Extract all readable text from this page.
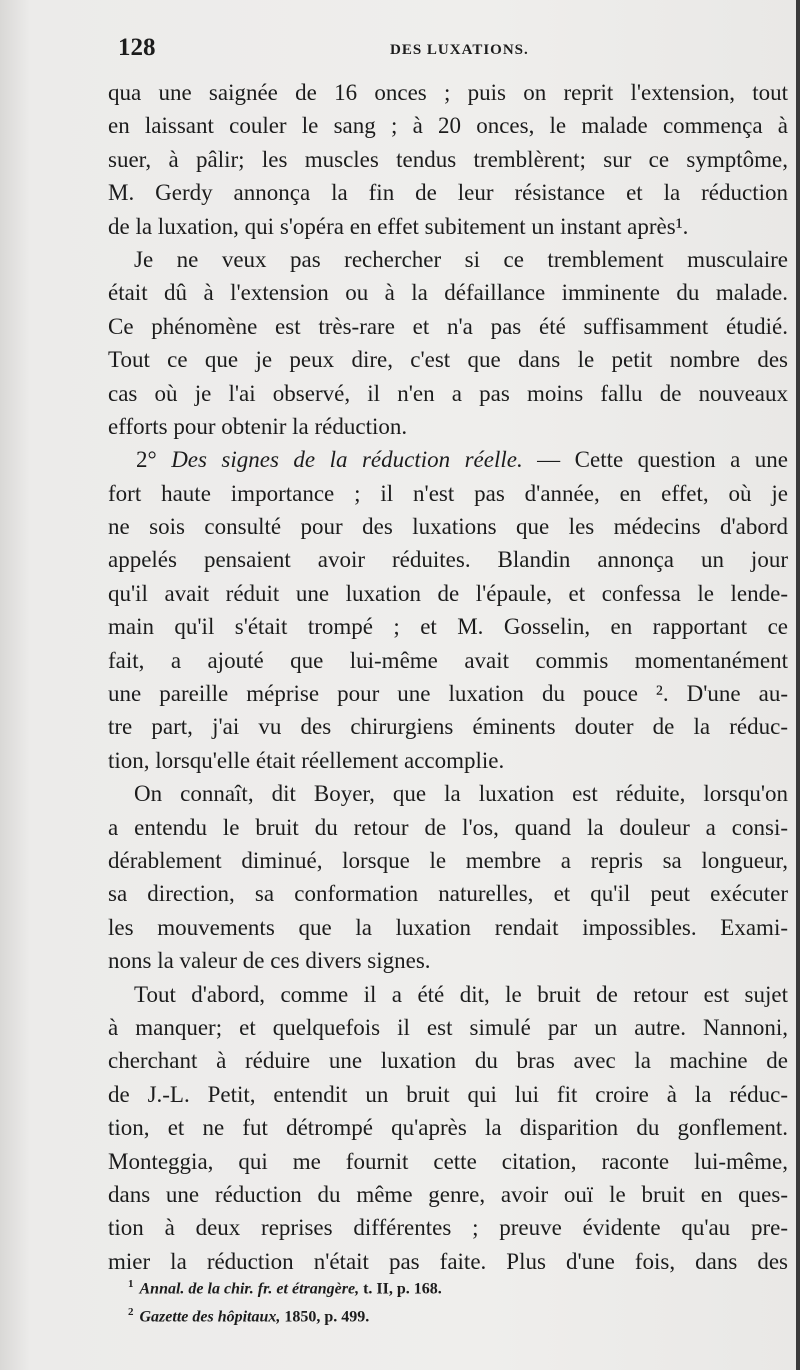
128	DES LUXATIONS.
qua une saignée de 16 onces ; puis on reprit l'extension, tout
en laissant couler le sang ; à 20 onces, le malade commença à
suer, à pâlir; les muscles tendus tremblèrent; sur ce symptôme,
M. Gerdy annonça la fin de leur résistance et la réduction
de la luxation, qui s'opéra en effet subitement un instant après¹.
Je ne veux pas rechercher si ce tremblement musculaire
était dû à l'extension ou à la défaillance imminente du malade.
Ce phénomène est très-rare et n'a pas été suffisamment étudié.
Tout ce que je peux dire, c'est que dans le petit nombre des
cas où je l'ai observé, il n'en a pas moins fallu de nouveaux
efforts pour obtenir la réduction.
2° Des signes de la réduction réelle. — Cette question a une
fort haute importance ; il n'est pas d'année, en effet, où je
ne sois consulté pour des luxations que les médecins d'abord
appelés pensaient avoir réduites. Blandin annonça un jour
qu'il avait réduit une luxation de l'épaule, et confessa le lende-
main qu'il s'était trompé ; et M. Gosselin, en rapportant ce
fait, a ajouté que lui-même avait commis momentanément
une pareille méprise pour une luxation du pouce ². D'une au-
tre part, j'ai vu des chirurgiens éminents douter de la réduc-
tion, lorsqu'elle était réellement accomplie.
On connaît, dit Boyer, que la luxation est réduite, lorsqu'on
a entendu le bruit du retour de l'os, quand la douleur a consi-
dérablement diminué, lorsque le membre a repris sa longueur,
sa direction, sa conformation naturelles, et qu'il peut exécuter
les mouvements que la luxation rendait impossibles. Exami-
nons la valeur de ces divers signes.
Tout d'abord, comme il a été dit, le bruit de retour est sujet
à manquer; et quelquefois il est simulé par un autre. Nannoni,
cherchant à réduire une luxation du bras avec la machine de
de J.-L. Petit, entendit un bruit qui lui fit croire à la réduc-
tion, et ne fut détrompé qu'après la disparition du gonflement.
Monteggia, qui me fournit cette citation, raconte lui-même,
dans une réduction du même genre, avoir ouï le bruit en ques-
tion à deux reprises différentes ; preuve évidente qu'au pre-
mier la réduction n'était pas faite. Plus d'une fois, dans des
$^1$ Annal. de la chir. fr. et étrangère, t. II, p. 168.
$^2$ Gazette des hôpitaux, 1850, p. 499.
